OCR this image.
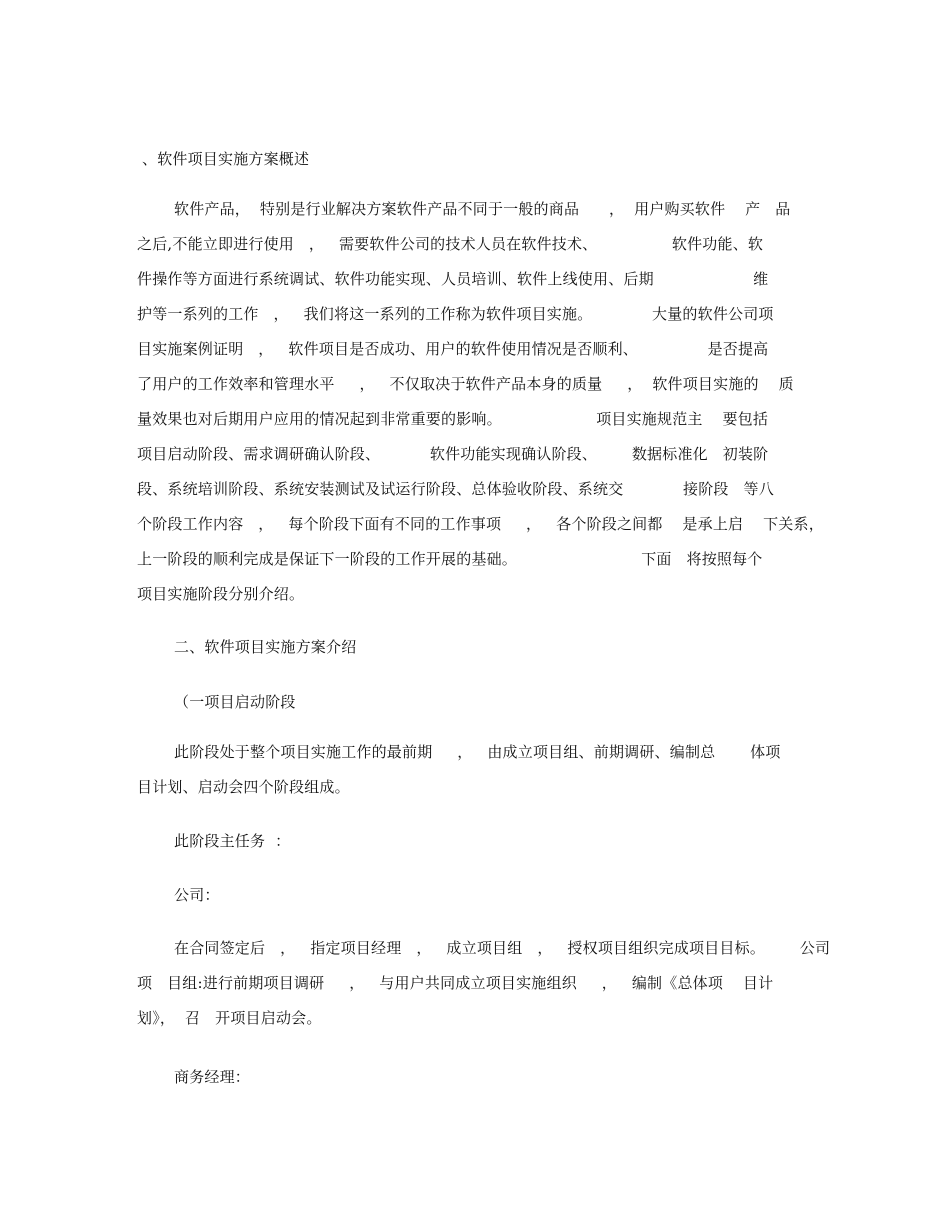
、软件项目实施方案概述
软件产品，  特别是行业解决方案软件产品不同于一般的商品      ，  用户购买软件    产   品
之后,不能立即进行使用   ，   需要软件公司的技术人员在软件技术、               软件功能、软
件操作等方面进行系统调试、软件功能实现、人员培训、软件上线使用、后期                    维
护等一系列的工作   ，   我们将这一系列的工作称为软件项目实施。            大量的软件公司项
目实施案例证明   ，   软件项目是否成功、用户的软件使用情况是否顺利、              是否提高
了用户的工作效率和管理水平     ，   不仅取决于软件产品本身的质量     ，  软件项目实施的    质
量效果也对后期用户应用的情况起到非常重要的影响。                   项目实施规范主    要包括
项目启动阶段、需求调研确认阶段、          软件功能实现确认阶段、       数据标准化   初装阶
段、系统培训阶段、系统安装测试及试运行阶段、总体验收阶段、系统交            接阶段   等八
个阶段工作内容   ，   每个阶段下面有不同的工作事项     ，   各个阶段之间都    是承上启    下关系，
上一阶段的顺利完成是保证下一阶段的工作开展的基础。                         下面   将按照每个
项目实施阶段分别介绍。
二、软件项目实施方案介绍
（一项目启动阶段
此阶段处于整个项目实施工作的最前期     ，   由成立项目组、前期调研、编制总       体项
目计划、启动会四个阶段组成。
此阶段主任务  ：
公司：
在合同签定后   ，   指定项目经理   ，   成立项目组   ，   授权项目组织完成项目目标。       公司
项   目组:进行前期项目调研     ，   与用户共同成立项目实施组织     ，   编制《总体项    目计
划》，  召   开项目启动会。
商务经理：
